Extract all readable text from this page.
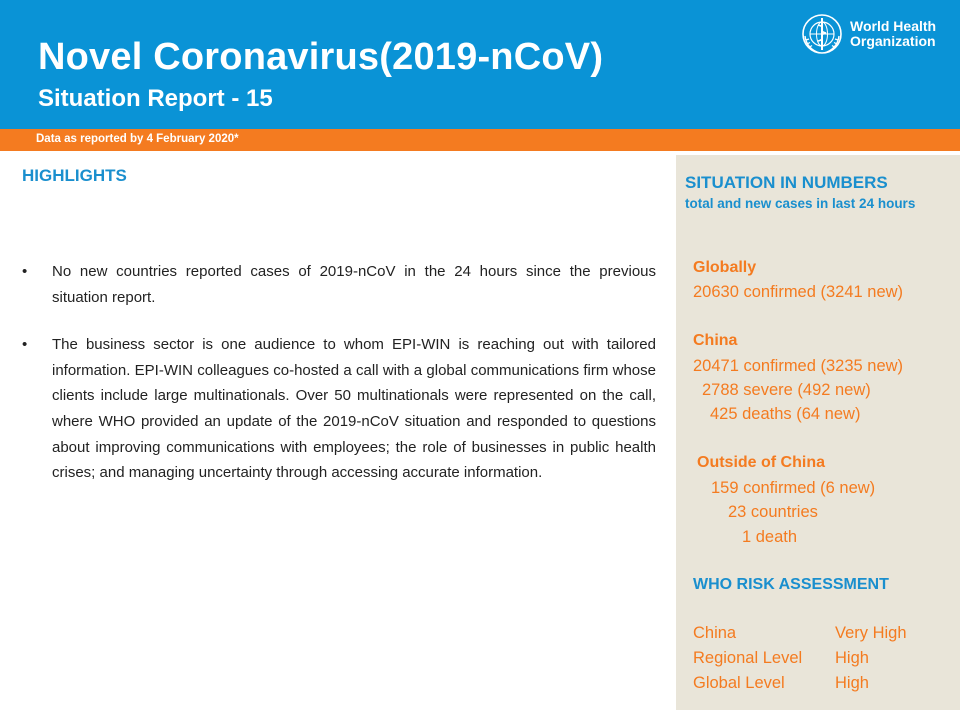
Novel Coronavirus(2019-nCoV)
Situation Report - 15
World Health
Organization
Data as reported by 4 February 2020*
HIGHLIGHTS
• No new countries reported cases of 2019-nCoV in the 24 hours since the previous situation report.
• The business sector is one audience to whom EPI-WIN is reaching out with tailored information. EPI-WIN colleagues co-hosted a call with a global communications firm whose clients include large multinationals. Over 50 multinationals were represented on the call, where WHO provided an update of the 2019-nCoV situation and responded to questions about improving communications with employees; the role of businesses in public health crises; and managing uncertainty through accessing accurate information.
SITUATION IN NUMBERS
total and new cases in last 24 hours
Globally
20630 confirmed (3241 new)
China
20471 confirmed (3235 new)
2788 severe (492 new)
425 deaths (64 new)
Outside of China
159 confirmed (6 new)
23 countries
1 death
WHO RISK ASSESSMENT
China	Very High
Regional Level High
Global Level	High
